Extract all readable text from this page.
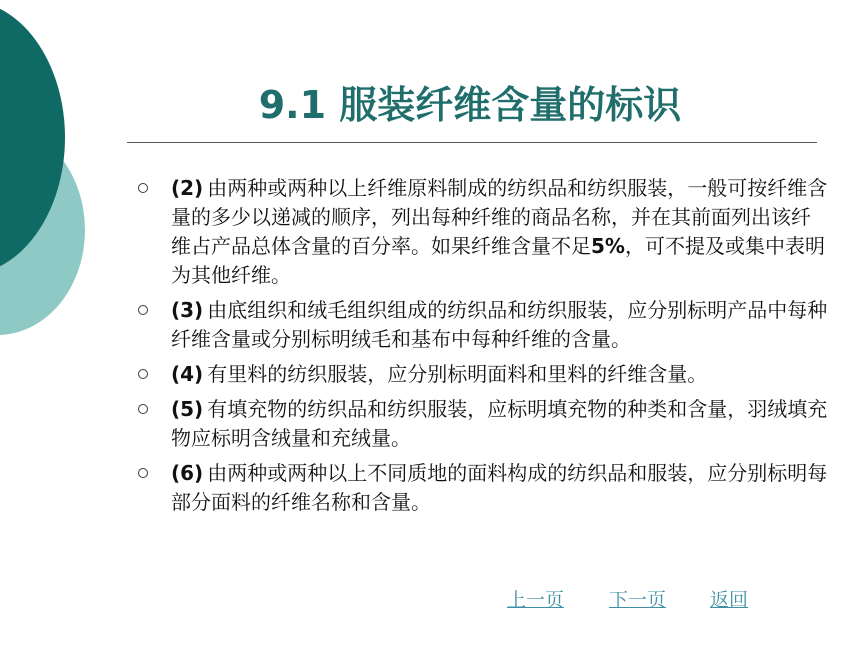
9.1 服装纤维含量的标识
(2) 由两种或两种以上纤维原料制成的纺织品和纺织服装，一般可按纤维含量的多少以递减的顺序，列出每种纤维的商品名称，并在其前面列出该纤维占产品总体含量的百分率。如果纤维含量不足5%，可不提及或集中表明为其他纤维。
(3) 由底组织和绒毛组织组成的纺织品和纺织服装，应分别标明产品中每种纤维含量或分别标明绒毛和基布中每种纤维的含量。
(4) 有里料的纺织服装，应分别标明面料和里料的纤维含量。
(5) 有填充物的纺织品和纺织服装，应标明填充物的种类和含量，羽绒填充物应标明含绒量和充绒量。
(6) 由两种或两种以上不同质地的面料构成的纺织品和服装，应分别标明每部分面料的纤维名称和含量。
上一页 下一页 返回
